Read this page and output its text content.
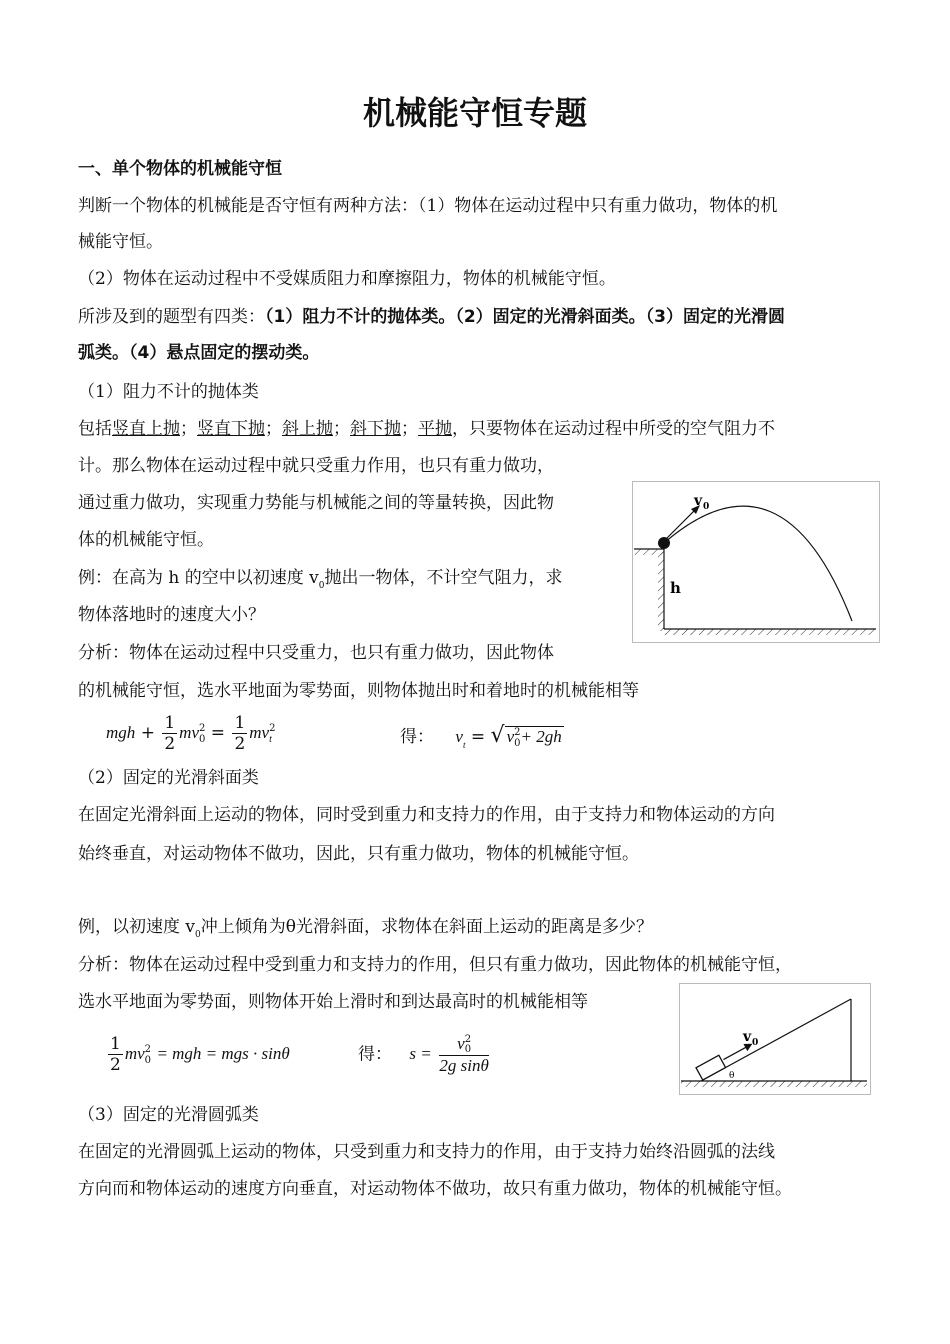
机械能守恒专题
一、单个物体的机械能守恒
判断一个物体的机械能是否守恒有两种方法：（1）物体在运动过程中只有重力做功，物体的机
械能守恒。
（2）物体在运动过程中不受媒质阻力和摩擦阻力，物体的机械能守恒。
所涉及到的题型有四类：（1）阻力不计的抛体类。（2）固定的光滑斜面类。（3）固定的光滑圆
弧类。（4）悬点固定的摆动类。
（1）阻力不计的抛体类
包括竖直上抛；竖直下抛；斜上抛；斜下抛；平抛，只要物体在运动过程中所受的空气阻力不
计。那么物体在运动过程中就只受重力作用，也只有重力做功，
通过重力做功，实现重力势能与机械能之间的等量转换，因此物
体的机械能守恒。
例：在高为 h 的空中以初速度 $v_0$抛出一物体，不计空气阻力，求
物体落地时的速度大小？
分析：物体在运动过程中只受重力，也只有重力做功，因此物体
的机械能守恒，选水平地面为零势面，则物体抛出时和着地时的机械能相等
mgh + $\frac{1}{2}$ mv 2
$0 = \frac{1}{2}$ mv 2
t	得： $v_t$ = √ v 2
0 + 2gh
（2）固定的光滑斜面类
在固定光滑斜面上运动的物体，同时受到重力和支持力的作用，由于支持力和物体运动的方向
始终垂直，对运动物体不做功，因此，只有重力做功，物体的机械能守恒。
例，以初速度 $v_0$冲上倾角为θ光滑斜面，求物体在斜面上运动的距离是多少？
分析：物体在运动过程中受到重力和支持力的作用，但只有重力做功，因此物体的机械能守恒，
选水平地面为零势面，则物体开始上滑时和到达最高时的机械能相等
$\frac{1}{2}$ mv 2
0 = mgh = mgs · sinθ	得： s = v 2
0
2g sinθ
（3）固定的光滑圆弧类
在固定的光滑圆弧上运动的物体，只受到重力和支持力的作用，由于支持力始终沿圆弧的法线
方向而和物体运动的速度方向垂直，对运动物体不做功，故只有重力做功，物体的机械能守恒。
v 0
h
v 0
θ
